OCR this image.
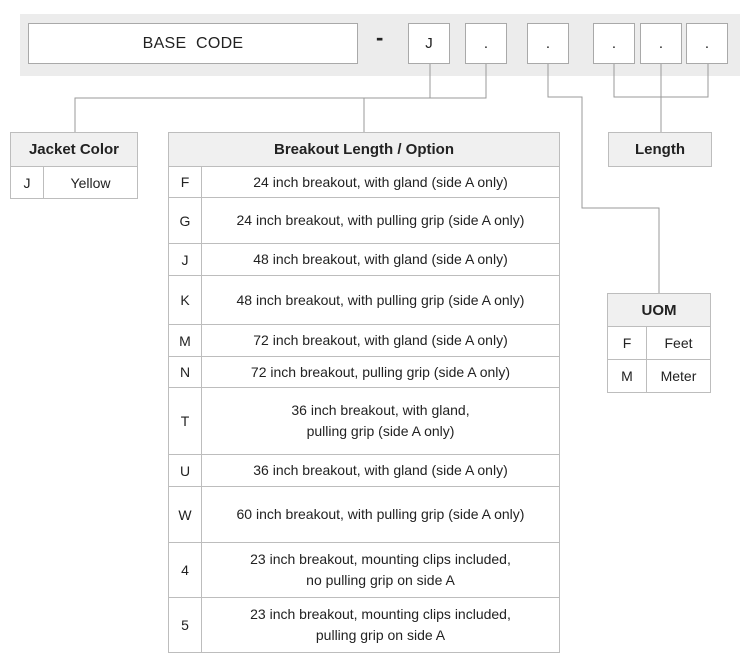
BASE  CODE	-	J	.	.	.	.	.
Jacket Color
J	Yellow
Breakout Length / Option	
F	24 inch breakout, with gland (side A only)
G	24 inch breakout, with pulling grip (side A only)
J	48 inch breakout, with gland (side A only)
K	48 inch breakout, with pulling grip (side A only)
M	72 inch breakout, with gland (side A only)
N	72 inch breakout, pulling grip (side A only)
T	36 inch breakout, with gland,
pulling grip (side A only)
U	36 inch breakout, with gland (side A only)
W	60 inch breakout, with pulling grip (side A only)
4	23 inch breakout, mounting clips included,
no pulling grip on side A
5	23 inch breakout, mounting clips included,
pulling grip on side A
Length
UOM	
F	Feet
M	Meter
